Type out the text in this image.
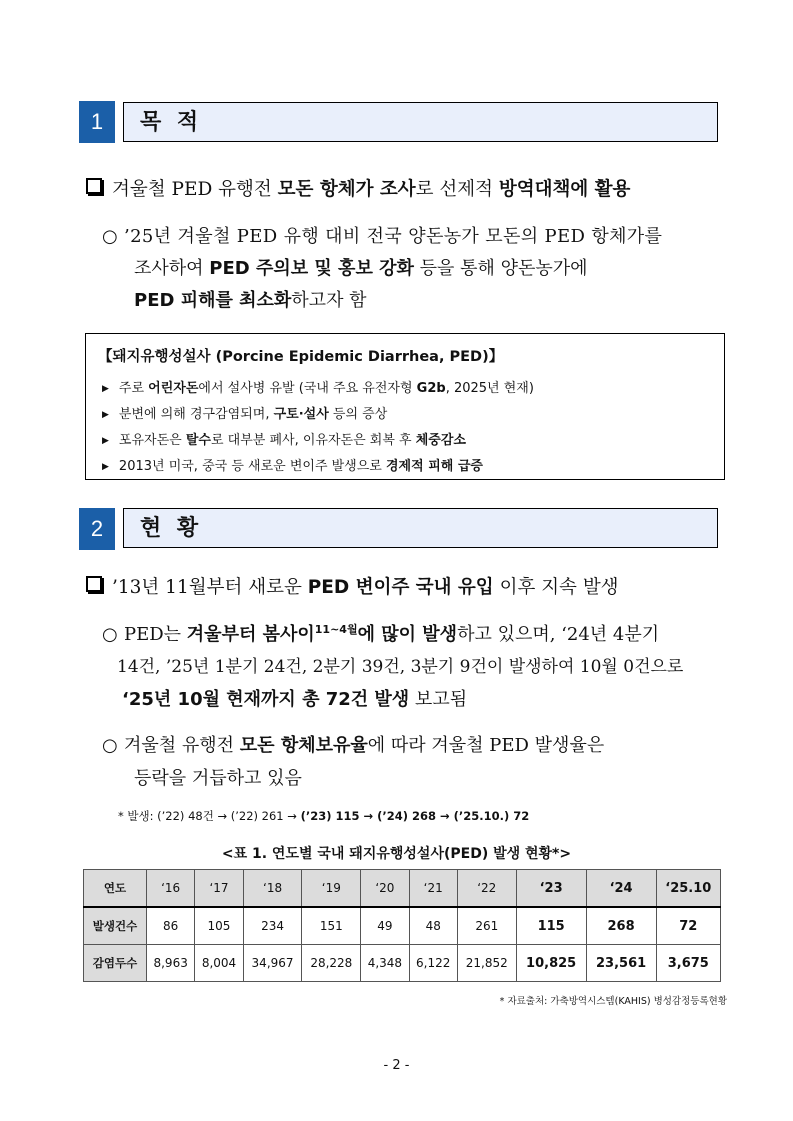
1	목 적
겨울철 PED 유행전 모돈 항체가 조사로 선제적 방역대책에 활용
○ ’25년 겨울철 PED 유행 대비 전국 양돈농가 모돈의 PED 항체가를
조사하여 PED 주의보 및 홍보 강화 등을 통해 양돈농가에
PED 피해를 최소화하고자 함
【돼지유행성설사 (Porcine Epidemic Diarrhea, PED)】
▶ 주로 어린자돈에서 설사병 유발 (국내 주요 유전자형 G2b, 2025년 현재)
▶ 분변에 의해 경구감염되며, 구토·설사 등의 증상
▶ 포유자돈은 탈수로 대부분 폐사, 이유자돈은 회복 후 체중감소
▶ 2013년 미국, 중국 등 새로운 변이주 발생으로 경제적 피해 급증
2	현 황
’13년 11월부터 새로운 PED 변이주 국내 유입 이후 지속 발생
○ PED는 겨울부터 봄사이$^{11\sim 4월}$에 많이 발생하고 있으며, ‘24년 4분기
14건, ’25년 1분기 24건, 2분기 39건, 3분기 9건이 발생하여 10월 0건으로
‘25년 10월 현재까지 총 72건 발생 보고됨
○ 겨울철 유행전 모돈 항체보유율에 따라 겨울철 PED 발생율은
등락을 거듭하고 있음
* 발생: (’22) 48건 → (’22) 261 → (’23) 115 → (’24) 268 → (’25.10.) 72
<표 1. 연도별 국내 돼지유행성설사(PED) 발생 현황*>
연도	‘16	‘17	‘18	‘19	‘20	‘21	‘22	‘23	‘24	‘25.10
발생건수	86	105	234	151	49	48	261	115	268	72
감염두수	8,963	8,004	34,967	28,228	4,348	6,122	21,852	10,825	23,561	3,675
* 자료출처: 가축방역시스템(KAHIS) 병성감정등록현황
- 2 -
